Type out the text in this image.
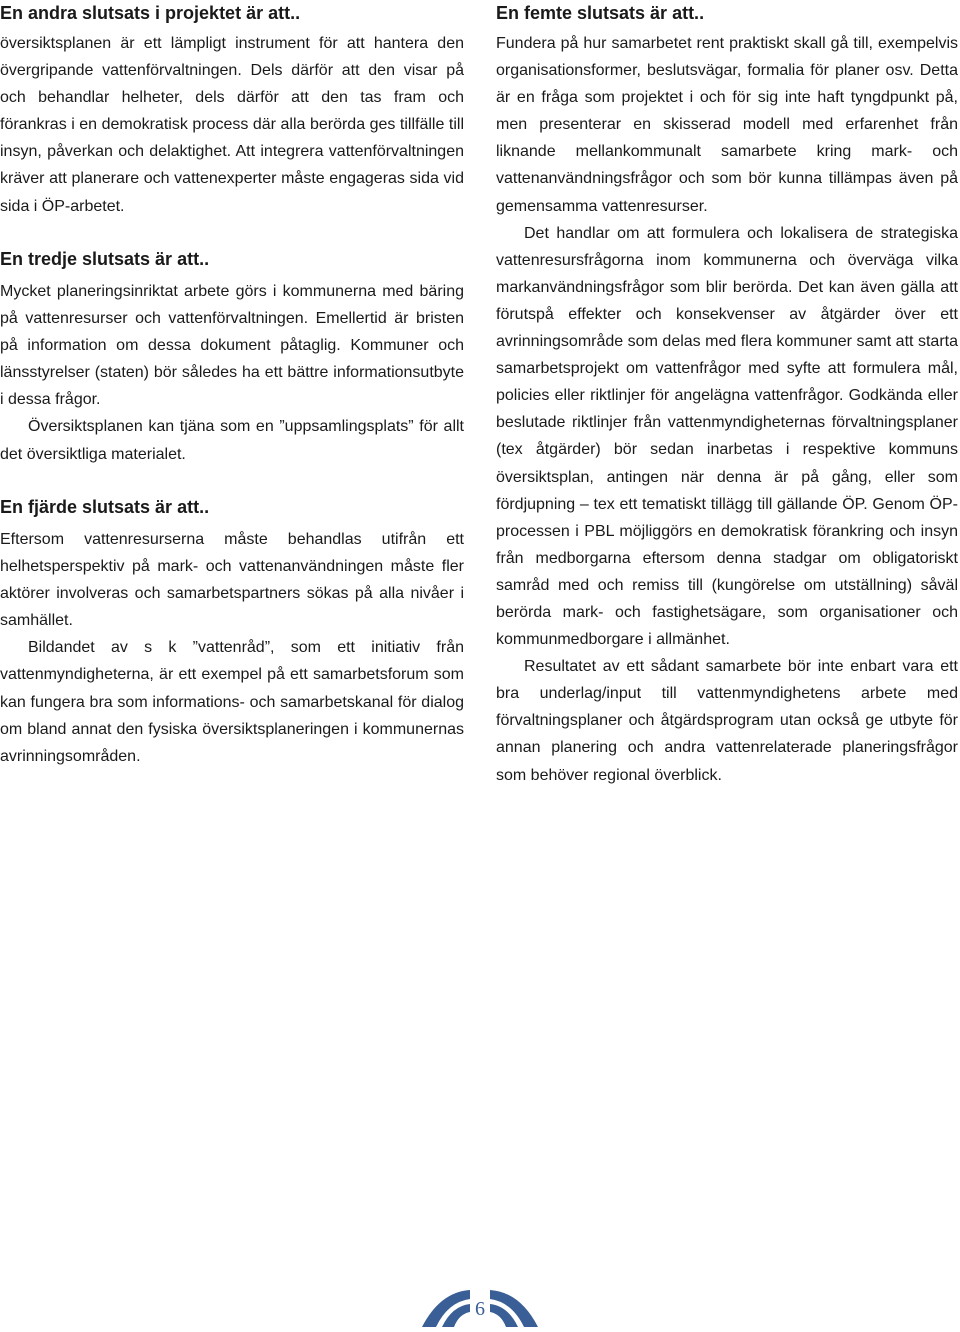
En andra slutsats i projektet är att..

översiktsplanen är ett lämpligt instrument för att hantera den övergripande vattenförvaltningen. Dels därför att den visar på och behandlar helheter, dels därför att den tas fram och förankras i en demokratisk process där alla berörda ges tillfälle till insyn, påverkan och delaktighet. Att integrera vattenförvaltningen kräver att planerare och vattenexperter måste engageras sida vid sida i ÖP-arbetet.

En tredje slutsats är att..

Mycket planeringsinriktat arbete görs i kommunerna med bäring på vattenresurser och vattenförvaltningen. Emellertid är bristen på information om dessa dokument påtaglig. Kommuner och länsstyrelser (staten) bör således ha ett bättre informationsutbyte i dessa frågor.

Översiktsplanen kan tjäna som en ”uppsamlingsplats” för allt det översiktliga materialet.

En fjärde slutsats är att..

Eftersom vattenresurserna måste behandlas utifrån ett helhetsperspektiv på mark- och vattenanvändningen måste fler aktörer involveras och samarbetspartners sökas på alla nivåer i samhället.

Bildandet av s k ”vattenråd”, som ett initiativ från vattenmyndigheterna, är ett exempel på ett samarbetsforum som kan fungera bra som informations- och samarbetskanal för dialog om bland annat den fysiska översiktsplaneringen i kommunernas avrinningsområden.

En femte slutsats är att..

Fundera på hur samarbetet rent praktiskt skall gå till, exempelvis organisationsformer, beslutsvägar, formalia för planer osv. Detta är en fråga som projektet i och för sig inte haft tyngdpunkt på, men presenterar en skisserad modell med erfarenhet från liknande mellankommunalt samarbete kring mark- och vattenanvändningsfrågor och som bör kunna tillämpas även på gemensamma vattenresurser.

Det handlar om att formulera och lokalisera de strategiska vattenresursfrågorna inom kommunerna och överväga vilka markanvändningsfrågor som blir berörda. Det kan även gälla att förutspå effekter och konsekvenser av åtgärder över ett avrinningsområde som delas med flera kommuner samt att starta samarbetsprojekt om vattenfrågor med syfte att formulera mål, policies eller riktlinjer för angelägna vattenfrågor. Godkända eller beslutade riktlinjer från vattenmyndigheternas förvaltningsplaner (tex åtgärder) bör sedan inarbetas i respektive kommuns översiktsplan, antingen när denna är på gång, eller som fördjupning – tex ett tematiskt tillägg till gällande ÖP. Genom ÖP-processen i PBL möjliggörs en demokratisk förankring och insyn från medborgarna eftersom denna stadgar om obligatoriskt samråd med och remiss till (kungörelse om utställning) såväl berörda mark- och fastighetsägare, som organisationer och kommunmedborgare i allmänhet.

Resultatet av ett sådant samarbete bör inte enbart vara ett bra underlag/input till vattenmyndighetens arbete med förvaltningsplaner och åtgärdsprogram utan också ge utbyte för annan planering och andra vattenrelaterade planeringsfrågor som behöver regional överblick.

6
